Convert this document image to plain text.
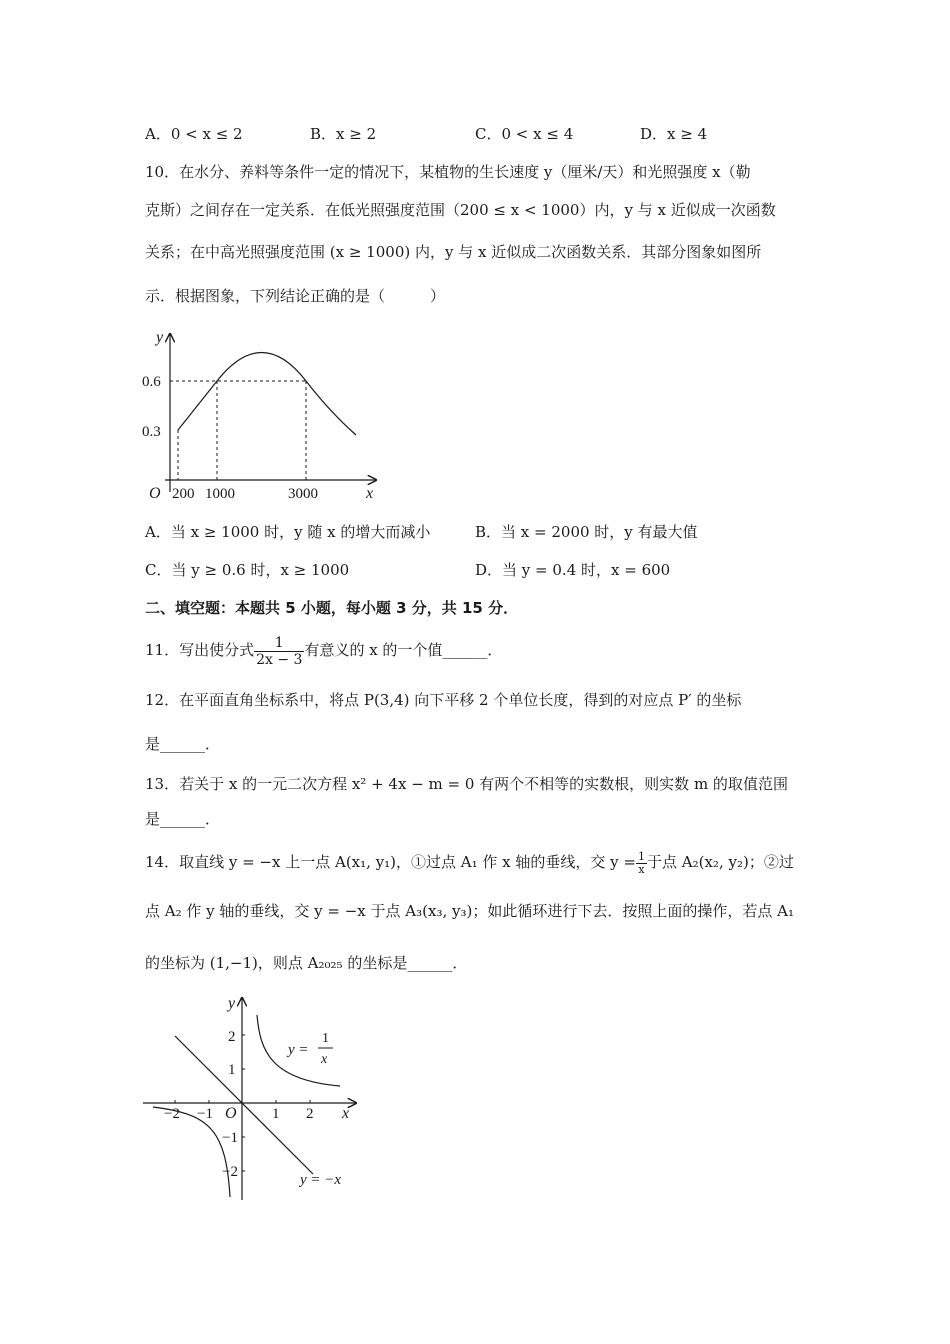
A．0 < x ≤ 2	B．x ≥ 2	C．0 < x ≤ 4	D．x ≥ 4
10．在水分、养料等条件一定的情况下，某植物的生长速度 y（厘米/天）和光照强度 x（勒
克斯）之间存在一定关系．在低光照强度范围（200 ≤ x < 1000）内，y 与 x 近似成一次函数
关系；在中高光照强度范围 (x ≥ 1000) 内，y 与 x 近似成二次函数关系．其部分图象如图所
示．根据图象，下列结论正确的是（　　　）
y
x
O
0.6
0.3
200 1000	3000
A．当 x ≥ 1000 时，y 随 x 的增大而减小	B．当 x = 2000 时，y 有最大值
C．当 y ≥ 0.6 时，x ≥ 1000	D．当 y = 0.4 时，x = 600
二、填空题：本题共 5 小题，每小题 3 分，共 15 分．
11．写出使分式 $\frac{1}{2x - 3}$ 有意义的 x 的一个值______．
12．在平面直角坐标系中，将点 P(3,4) 向下平移 2 个单位长度，得到的对应点 P′ 的坐标
是______．
13．若关于 x 的一元二次方程 x² + 4x − m = 0 有两个不相等的实数根，则实数 m 的取值范围
是______．
14．取直线 y = −x 上一点 A(x₁, y₁)，①过点 A₁ 作 x 轴的垂线，交 $y = \frac{1}{x}$ 于点 A₂(x₂, y₂)；②过
点 A₂ 作 y 轴的垂线，交 y = −x 于点 A₃(x₃, y₃)；如此循环进行下去．按照上面的操作，若点 A₁
的坐标为 (1,−1)，则点 A₂₀₂₅ 的坐标是______．
y
x
O
−2 −1	1 2
2
1
−1
−2
y =
1
x
y = −x
